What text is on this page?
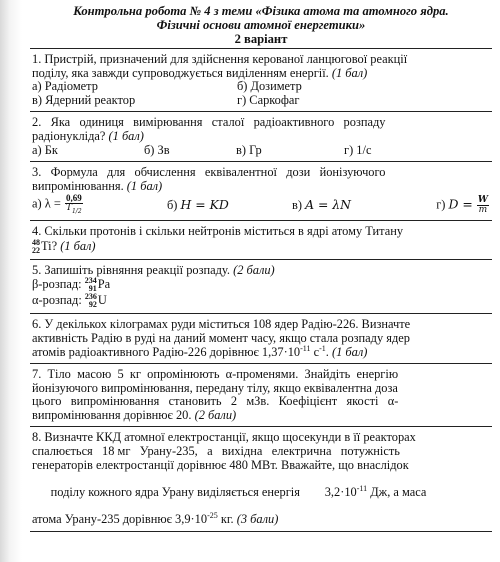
Контрольна робота № 4 з теми «Фізика атома та атомного ядра.
Фізичні основи атомної енергетики»
2 варіант
1. Пристрій, призначений для здійснення керованої ланцюгової реакції
поділу, яка завжди супроводжується виділенням енергії. (1 бал)
а) Радіометр	б) Дозиметр
в) Ядерний реактор	г) Саркофаг
2.   Яка   одиниця   вимірювання   сталої   радіоактивного   розпаду
радіонукліда? (1 бал)
а) Бк	б) Зв	в) Гр	г) 1/с
3.   Формула   для   обчислення   еквівалентної   дози   йонізуючого
випромінювання. (1 бал)
а) $\lambda = \frac{0,69}{T_{1/2}}$	б) H = KD	в) A = λN	г) $D = \frac{W}{m}$
4. Скільки протонів і скільки нейтронів міститься в ядрі атому Титану
48
22 Ti? (1 бал)
5. Запишіть рівняння реакції розпаду. (2 бали)
β-розпад: 234
91 Pa
α-розпад: 236
92 U
6. У декількох кілограмах руди міститься 108 ядер Радію-226. Визначте
активність Радію в руді на даний момент часу, якщо стала розпаду ядер
атомів радіоактивного Радію-226 дорівнює $1,37\cdot 10^{-11}$ $с^{-1}$. (1 бал)
7.  Тіло  масою  5  кг  опромінюють  α-променями.  Знайдіть  енергію
йонізуючого випромінювання, передану тілу, якщо еквівалентна доза
цього   випромінювання   становить   2   мЗв.   Коефіцієнт   якості   α-
випромінювання дорівнює 20. (2 бали)
8. Визначте ККД атомної електростанції, якщо щосекунди в її реакторах
спалюється   18 мг   Урану-235,   а   вихідна   електрична   потужність
генераторів електростанції дорівнює 480 МВт. Вважайте, що внаслідок

поділу кожного ядра Урану виділяється енергія        $3,2\cdot 10^{-11}$ Дж, а маса

атома Урану-235 дорівнює $3,9\cdot 10^{-25}$ кг. (3 бали)
